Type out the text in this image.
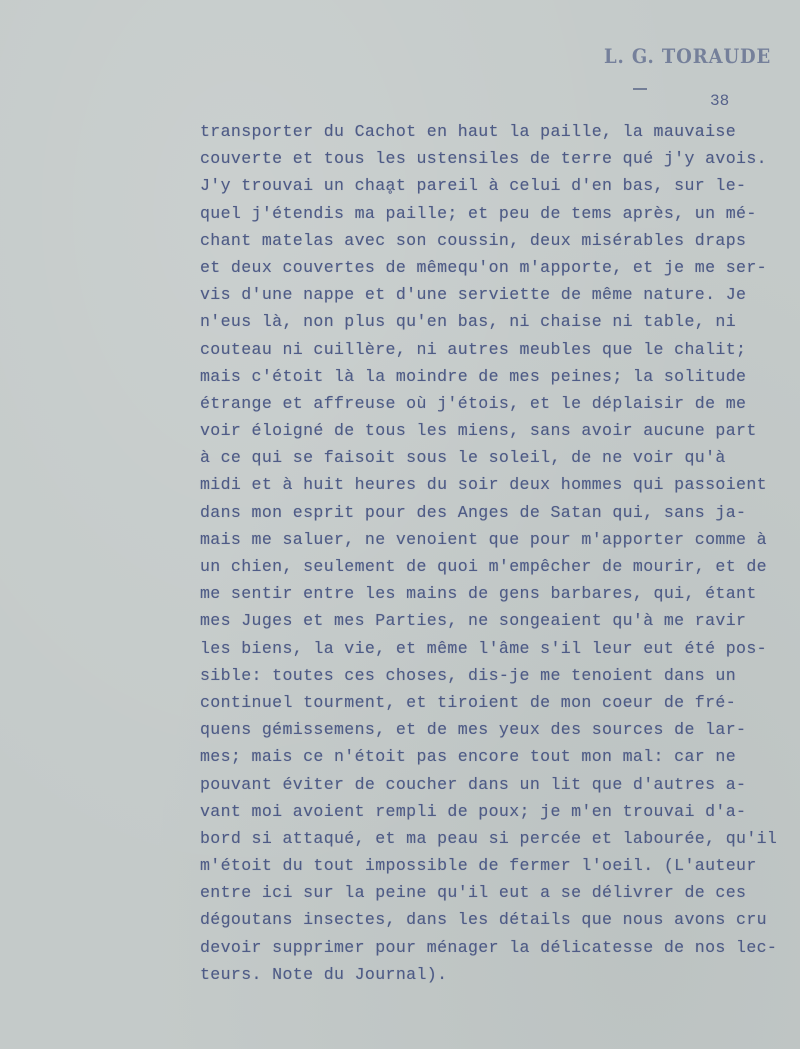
L. G. TORAUDE
38
transporter du Cachot en haut la paille, la mauvaise
couverte et tous les ustensiles de terre qué j'y avois.
J'y trouvai un chaḁt pareil à celui d'en bas, sur le-
quel j'étendis ma paille; et peu de tems après, un mé-
chant matelas avec son coussin, deux misérables draps
et deux couvertes de mêmequ'on m'apporte, et je me ser-
vis d'une nappe et d'une serviette de même nature. Je
n'eus là, non plus qu'en bas, ni chaise ni table, ni
couteau ni cuillère, ni autres meubles que le chalit;
mais c'étoit là la moindre de mes peines; la solitude
étrange et affreuse où j'étois, et le déplaisir de me
voir éloigné de tous les miens, sans avoir aucune part
à ce qui se faisoit sous le soleil, de ne voir qu'à
midi et à huit heures du soir deux hommes qui passoient
dans mon esprit pour des Anges de Satan qui, sans ja-
mais me saluer, ne venoient que pour m'apporter comme à
un chien, seulement de quoi m'empêcher de mourir, et de
me sentir entre les mains de gens barbares, qui, étant
mes Juges et mes Parties, ne songeaient qu'à me ravir
les biens, la vie, et même l'âme s'il leur eut été pos-
sible: toutes ces choses, dis-je me tenoient dans un
continuel tourment, et tiroient de mon coeur de fré-
quens gémissemens, et de mes yeux des sources de lar-
mes; mais ce n'étoit pas encore tout mon mal: car ne
pouvant éviter de coucher dans un lit que d'autres a-
vant moi avoient rempli de poux; je m'en trouvai d'a-
bord si attaqué, et ma peau si percée et labourée, qu'il
m'étoit du tout impossible de fermer l'oeil. (L'auteur
entre ici sur la peine qu'il eut a se délivrer de ces
dégoutans insectes, dans les détails que nous avons cru
devoir supprimer pour ménager la délicatesse de nos lec-
teurs. Note du Journal).
